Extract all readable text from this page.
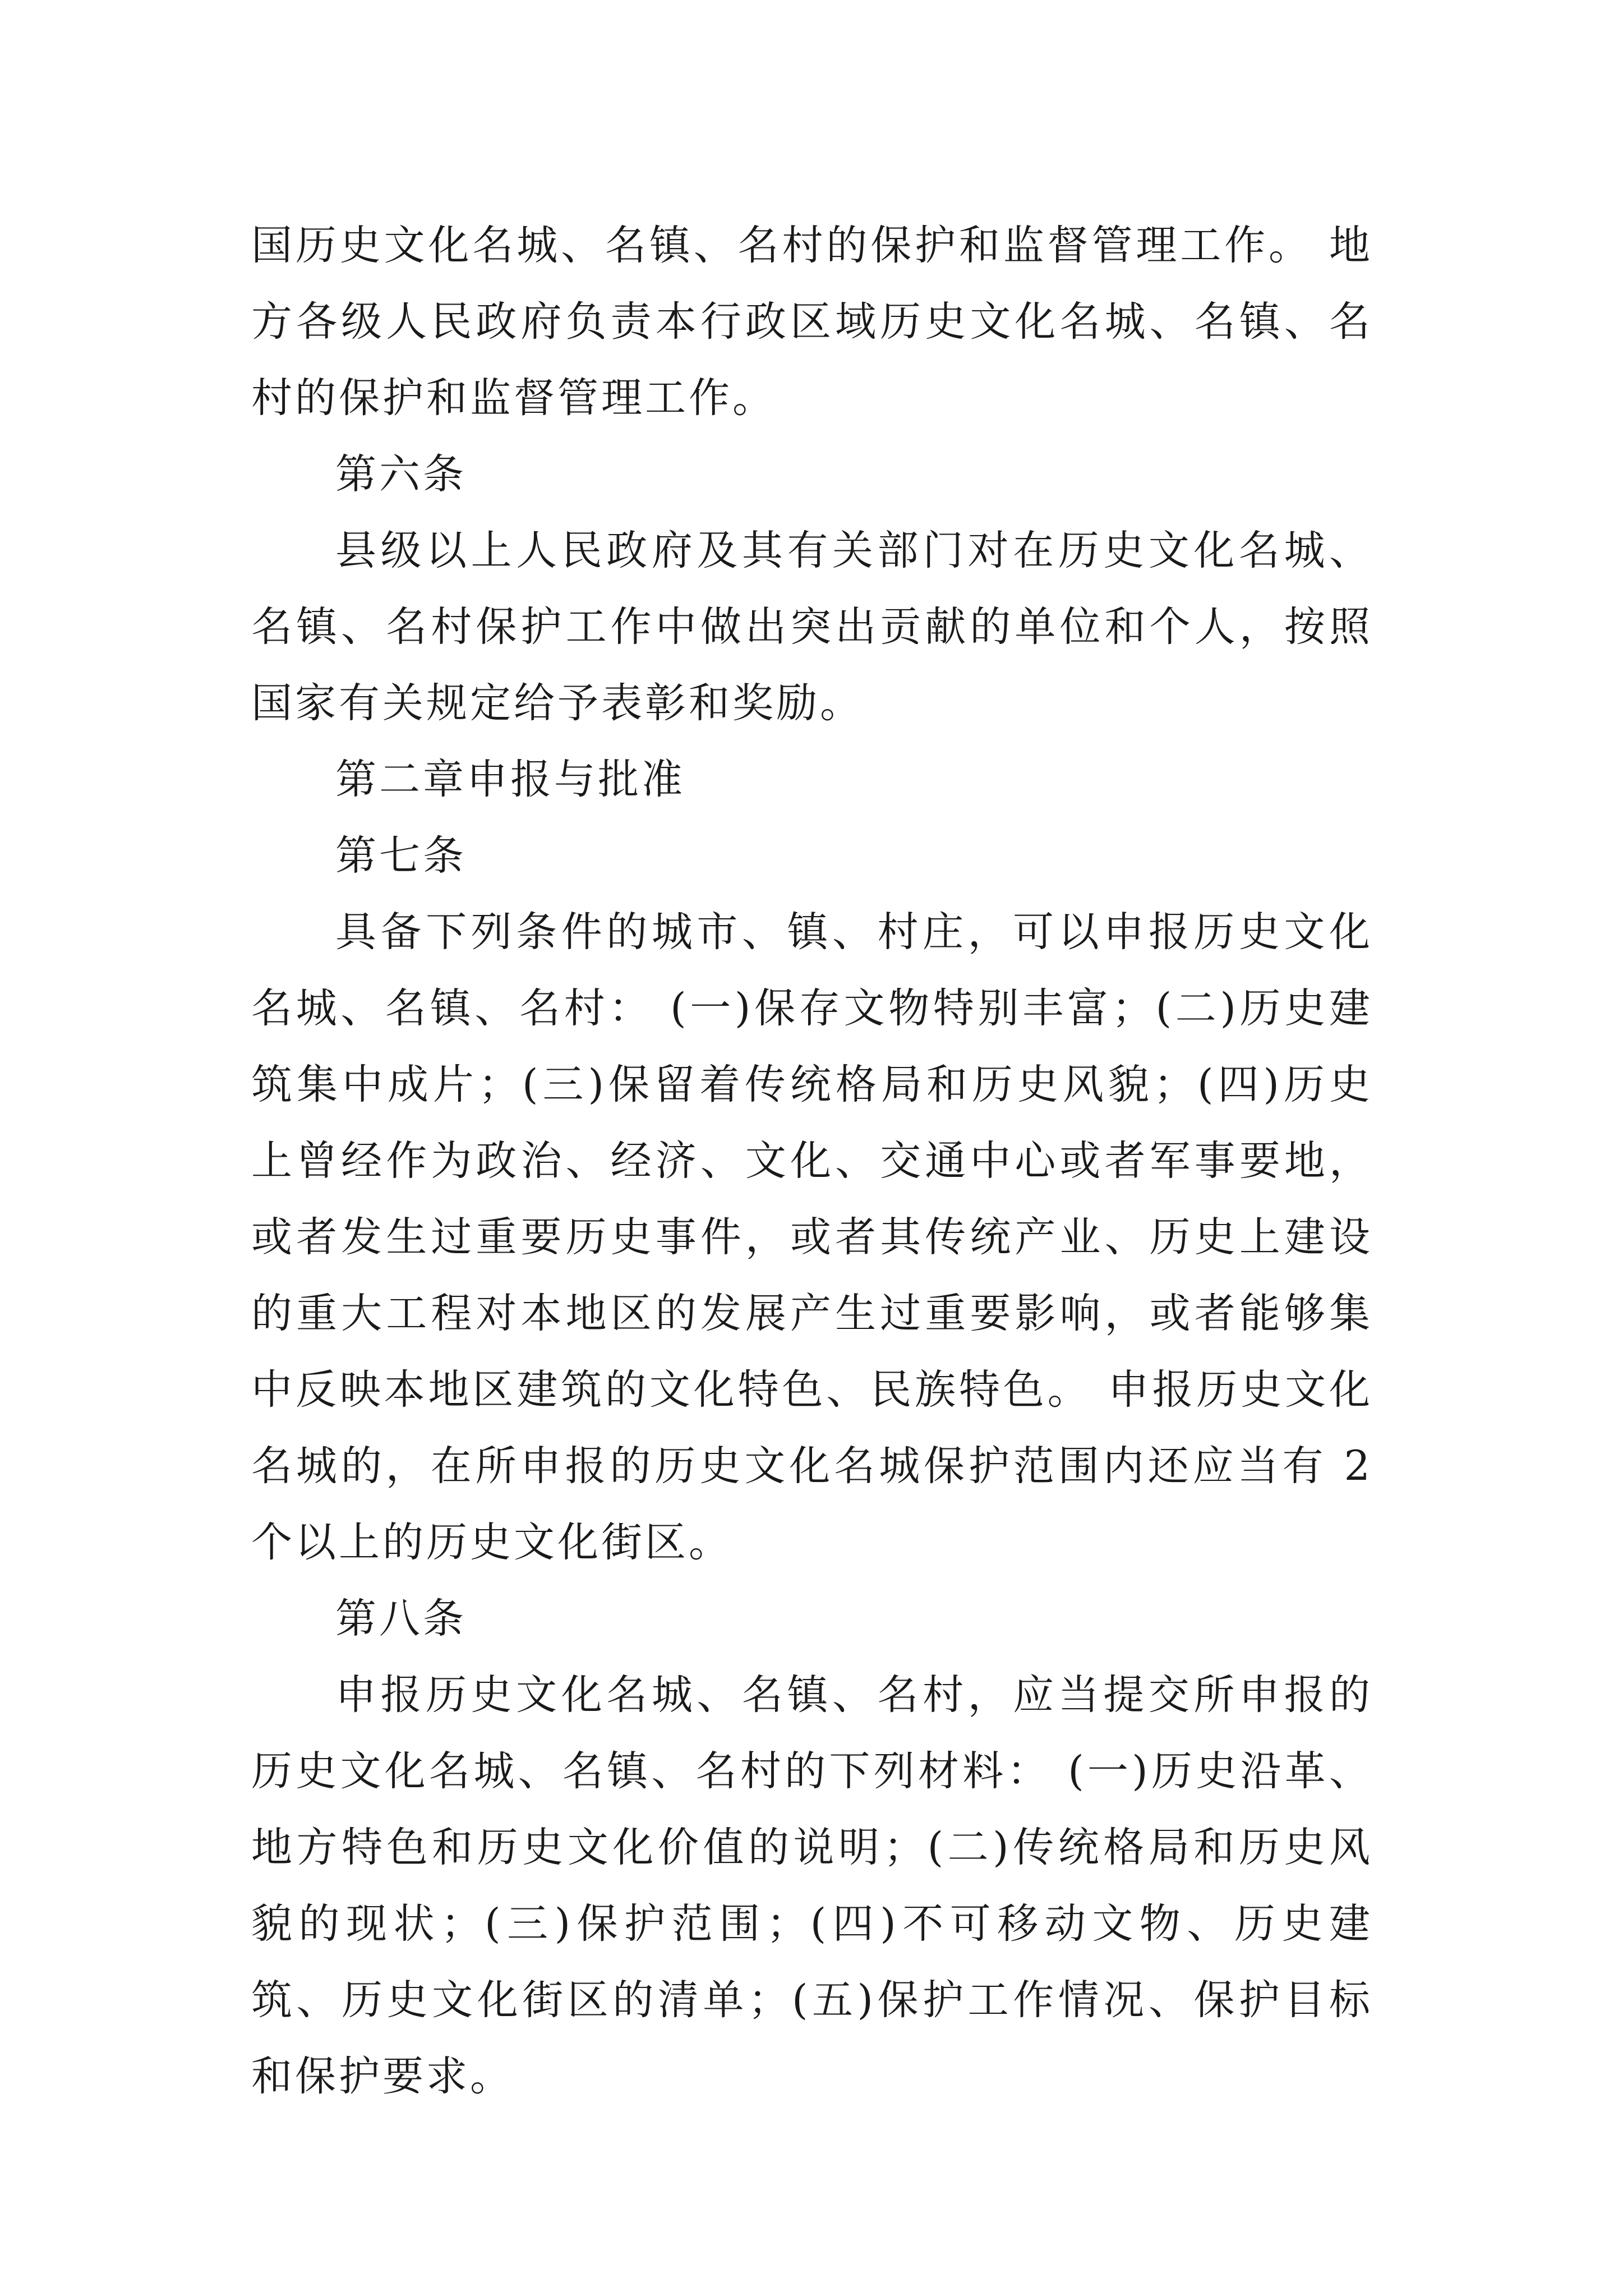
国历史文化名城、名镇、名村的保护和监督管理工作。 地方各级人民政府负责本行政区域历史文化名城、名镇、名村的保护和监督管理工作。

第六条

县级以上人民政府及其有关部门对在历史文化名城、名镇、名村保护工作中做出突出贡献的单位和个人，按照国家有关规定给予表彰和奖励。

第二章申报与批准

第七条

具备下列条件的城市、镇、村庄，可以申报历史文化名城、名镇、名村： (一)保存文物特别丰富；(二)历史建筑集中成片；(三)保留着传统格局和历史风貌；(四)历史上曾经作为政治、经济、文化、交通中心或者军事要地，或者发生过重要历史事件，或者其传统产业、历史上建设的重大工程对本地区的发展产生过重要影响，或者能够集中反映本地区建筑的文化特色、民族特色。 申报历史文化名城的，在所申报的历史文化名城保护范围内还应当有 2 个以上的历史文化街区。

第八条

申报历史文化名城、名镇、名村，应当提交所申报的历史文化名城、名镇、名村的下列材料： (一)历史沿革、地方特色和历史文化价值的说明；(二)传统格局和历史风貌的现状；(三)保护范围；(四)不可移动文物、历史建筑、历史文化街区的清单；(五)保护工作情况、保护目标和保护要求。
